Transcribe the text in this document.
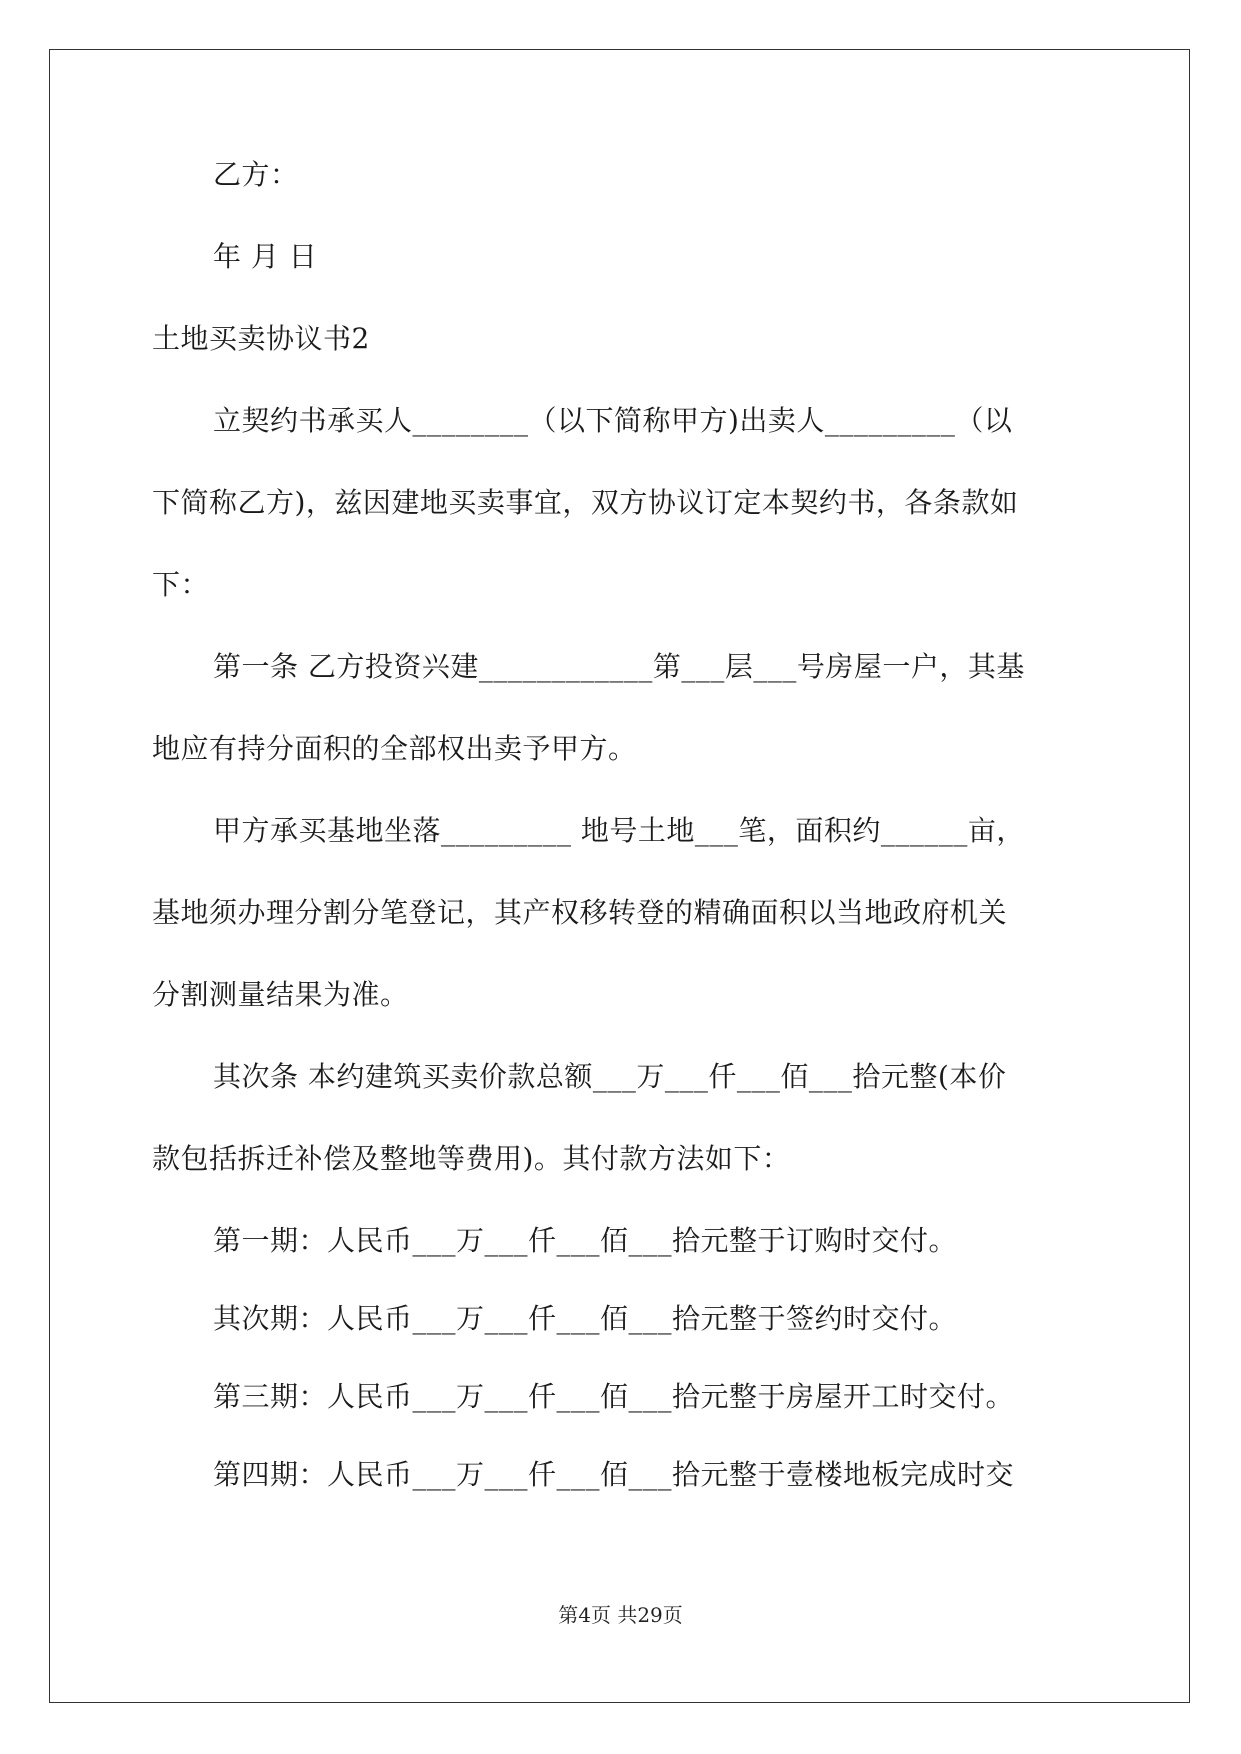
乙方：
年 月 日
土地买卖协议书2
立契约书承买人________（以下简称甲方)出卖人_________（以
下简称乙方)，兹因建地买卖事宜，双方协议订定本契约书，各条款如
下：
第一条 乙方投资兴建____________第___层___号房屋一户，其基
地应有持分面积的全部权出卖予甲方。
甲方承买基地坐落_________ 地号土地___笔，面积约______亩，
基地须办理分割分笔登记，其产权移转登的精确面积以当地政府机关
分割测量结果为准。
其次条 本约建筑买卖价款总额___万___仟___佰___拾元整(本价
款包括拆迁补偿及整地等费用)。其付款方法如下：
第一期：人民币___万___仟___佰___拾元整于订购时交付。
其次期：人民币___万___仟___佰___拾元整于签约时交付。
第三期：人民币___万___仟___佰___拾元整于房屋开工时交付。
第四期：人民币___万___仟___佰___拾元整于壹楼地板完成时交
第4页 共29页
